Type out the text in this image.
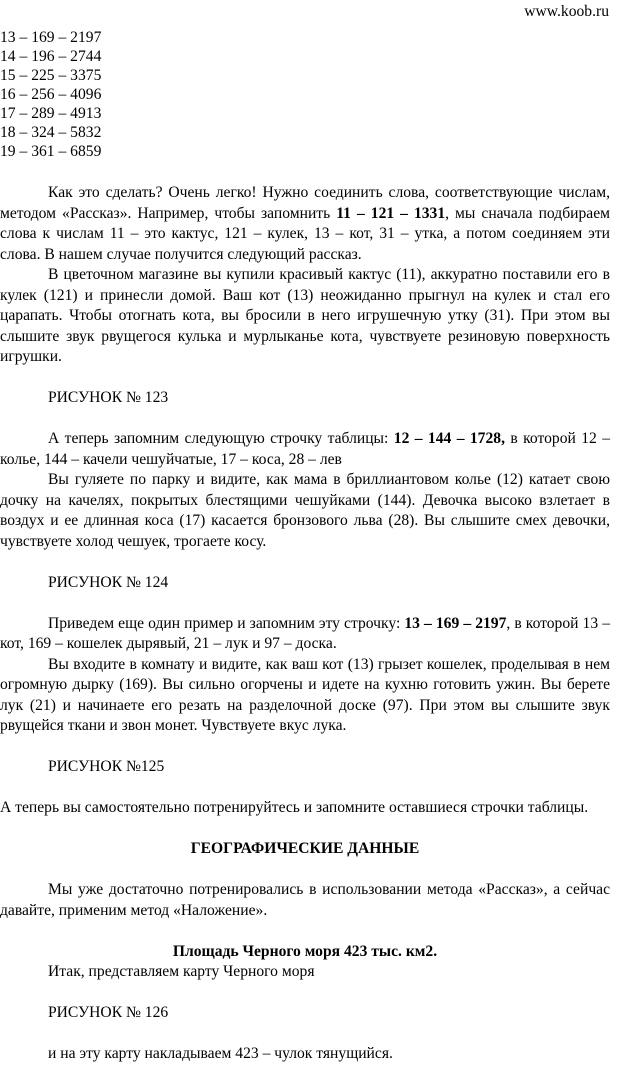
www.koob.ru
13 – 169 – 2197
14 – 196 – 2744
15 – 225 – 3375
16 – 256 – 4096
17 – 289 – 4913
18 – 324 – 5832
19 – 361 – 6859

Как это сделать? Очень легко! Нужно соединить слова, соответствующие числам, методом «Рассказ». Например, чтобы запомнить 11 – 121 – 1331, мы сначала подбираем слова к числам 11 – это кактус, 121 – кулек, 13 – кот, 31 – утка, а потом соединяем эти слова. В нашем случае получится следующий рассказ.

В цветочном магазине вы купили красивый кактус (11), аккуратно поставили его в кулек (121) и принесли домой. Ваш кот (13) неожиданно прыгнул на кулек и стал его царапать. Чтобы отогнать кота, вы бросили в него игрушечную утку (31). При этом вы слышите звук рвущегося кулька и мурлыканье кота, чувствуете резиновую поверхность игрушки.

РИСУНОК № 123

А теперь запомним следующую строчку таблицы: 12 – 144 – 1728, в которой 12 – колье, 144 – качели чешуйчатые, 17 – коса, 28 – лев

Вы гуляете по парку и видите, как мама в бриллиантовом колье (12) катает свою дочку на качелях, покрытых блестящими чешуйками (144). Девочка высоко взлетает в воздух и ее длинная коса (17) касается бронзового льва (28). Вы слышите смех девочки, чувствуете холод чешуек, трогаете косу.

РИСУНОК № 124

Приведем еще один пример и запомним эту строчку: 13 – 169 – 2197, в которой 13 – кот, 169 – кошелек дырявый, 21 – лук и 97 – доска.

Вы входите в комнату и видите, как ваш кот (13) грызет кошелек, проделывая в нем огромную дырку (169). Вы сильно огорчены и идете на кухню готовить ужин. Вы берете лук (21) и начинаете его резать на разделочной доске (97). При этом вы слышите звук рвущейся ткани и звон монет. Чувствуете вкус лука.

РИСУНОК №125

А теперь вы самостоятельно потренируйтесь и запомните оставшиеся строчки таблицы.

ГЕОГРАФИЧЕСКИЕ ДАННЫЕ

Мы уже достаточно потренировались в использовании метода «Рассказ», а сейчас давайте, применим метод «Наложение».

Площадь Черного моря 423 тыс. км2.

Итак, представляем карту Черного моря

РИСУНОК № 126

и на эту карту накладываем 423 – чулок тянущийся.
